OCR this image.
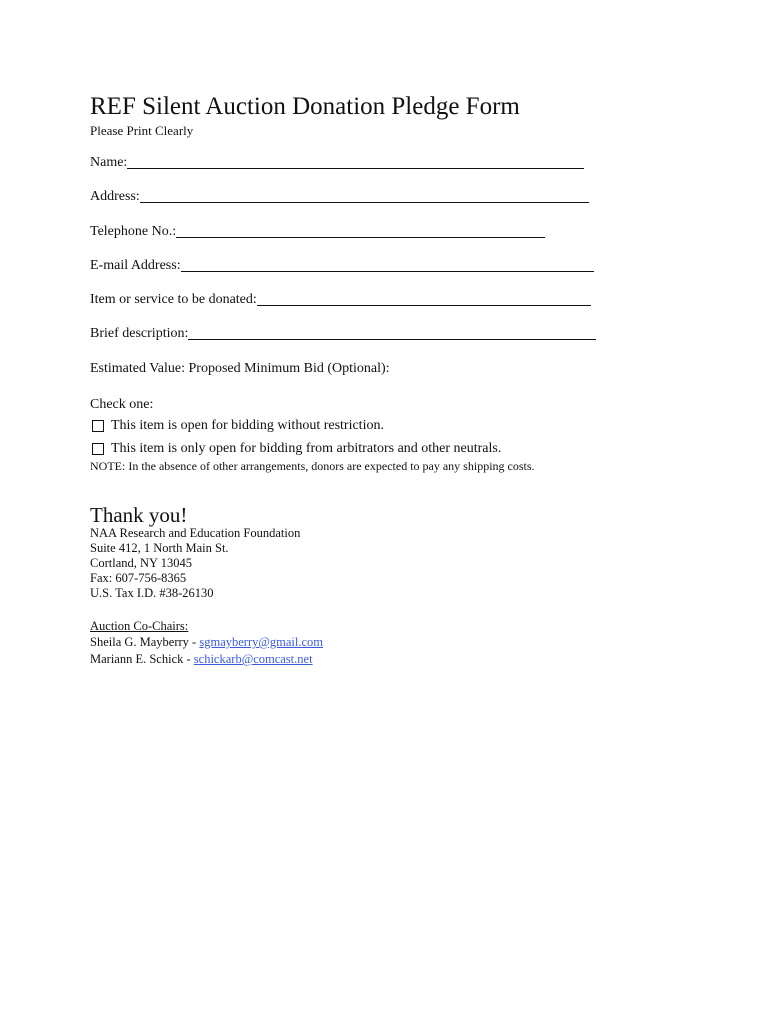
REF Silent Auction Donation Pledge Form
Please Print Clearly
Name:
Address:
Telephone No.:
E-mail Address:
Item or service to be donated:
Brief description:
Estimated Value: Proposed Minimum Bid (Optional):
Check one:
This item is open for bidding without restriction.
This item is only open for bidding from arbitrators and other neutrals.
NOTE: In the absence of other arrangements, donors are expected to pay any shipping costs.
Thank you!
NAA Research and Education Foundation
Suite 412, 1 North Main St.
Cortland, NY 13045
Fax: 607-756-8365
U.S. Tax I.D. #38-26130
Auction Co-Chairs:
Sheila G. Mayberry - sgmayberry@gmail.com
Mariann E. Schick - schickarb@comcast.net
